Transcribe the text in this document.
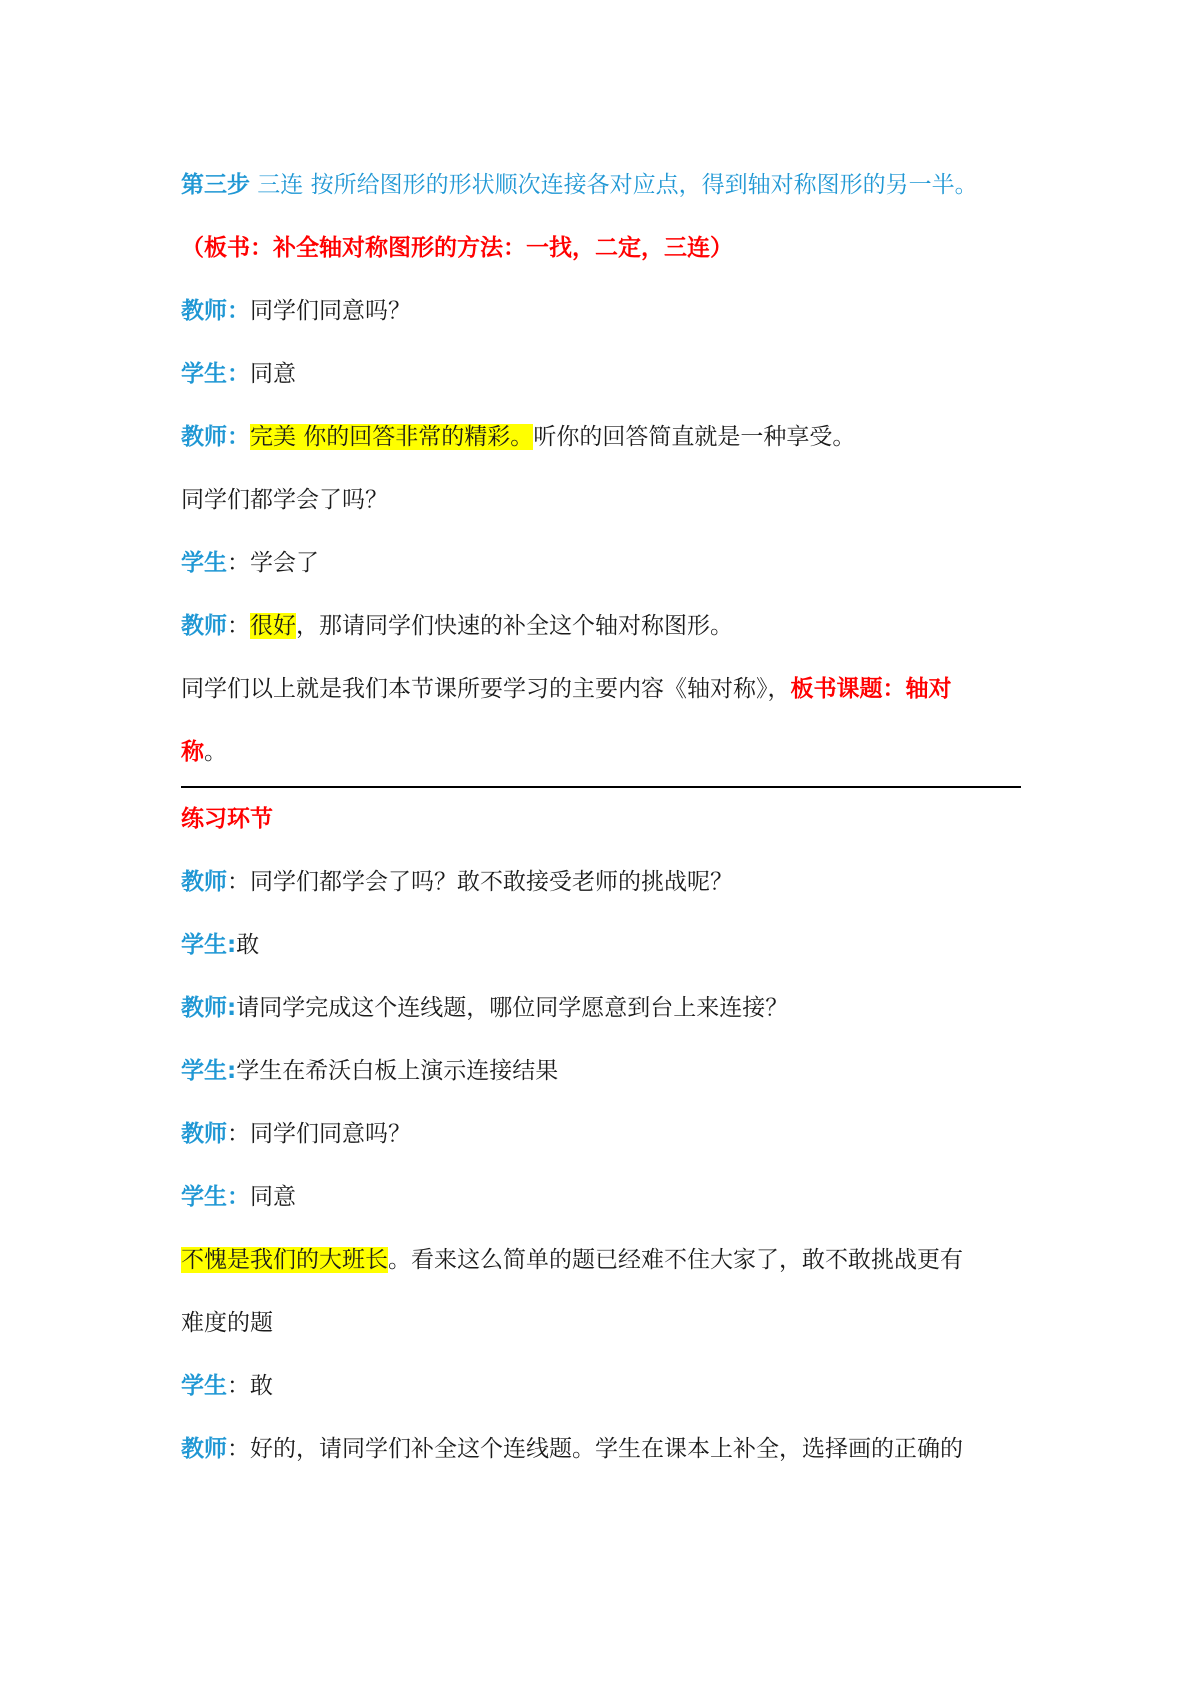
第三步 三连 按所给图形的形状顺次连接各对应点，得到轴对称图形的另一半。
（板书：补全轴对称图形的方法：一找，二定，三连）
教师：同学们同意吗？
学生：同意
教师：完美 你的回答非常的精彩。听你的回答简直就是一种享受。
同学们都学会了吗？
学生：学会了
教师：很好，那请同学们快速的补全这个轴对称图形。
同学们以上就是我们本节课所要学习的主要内容《轴对称》，板书课题：轴对
称。
练习环节
教师：同学们都学会了吗？敢不敢接受老师的挑战呢？
学生:敢
教师:请同学完成这个连线题，哪位同学愿意到台上来连接？
学生:学生在希沃白板上演示连接结果
教师：同学们同意吗？
学生：同意
不愧是我们的大班长。看来这么简单的题已经难不住大家了，敢不敢挑战更有
难度的题
学生：敢
教师：好的，请同学们补全这个连线题。学生在课本上补全，选择画的正确的
